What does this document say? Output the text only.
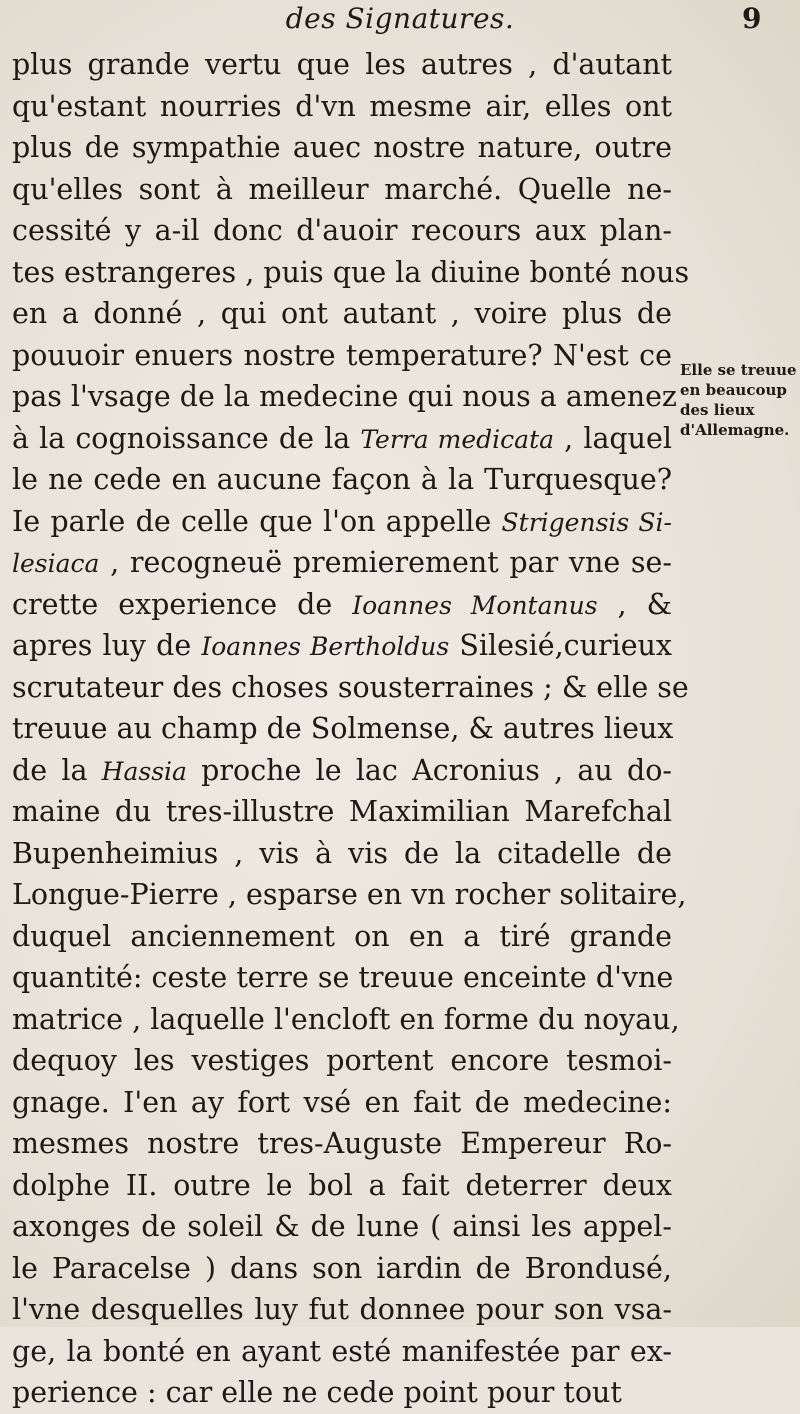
des Signatures.	9
plus grande vertu que les autres , d'autant
qu'estant nourries d'vn mesme air, elles ont
plus de sympathie auec nostre nature, outre
qu'elles sont à meilleur marché. Quelle ne-
cessité y a-il donc d'auoir recours aux plan-
tes estrangeres , puis que la diuine bonté nous
en a donné , qui ont autant , voire plus de
pouuoir enuers nostre temperature? N'est ce
pas l'vsage de la medecine qui nous a amenez
à la cognoissance de la Terra medicata , laquel
le ne cede en aucune façon à la Turquesque?
Ie parle de celle que l'on appelle Strigensis Si-
lesiaca , recogneuë premierement par vne se-
crette experience de Ioannes Montanus , &
apres luy de Ioannes Bertholdus Silesié,curieux
scrutateur des choses sousterraines ; & elle se
treuue au champ de Solmense, & autres lieux
de la Hassia proche le lac Acronius , au do-
maine du tres-illustre Maximilian Marefchal
Bupenheimius , vis à vis de la citadelle de
Longue-Pierre , esparse en vn rocher solitaire,
duquel anciennement on en a tiré grande
quantité: ceste terre se treuue enceinte d'vne
matrice , laquelle l'encloft en forme du noyau,
dequoy les vestiges portent encore tesmoi-
gnage. I'en ay fort vsé en fait de medecine:
mesmes nostre tres-Auguste Empereur Ro-
dolphe II. outre le bol a fait deterrer deux
axonges de soleil & de lune ( ainsi les appel-
le Paracelse ) dans son iardin de Brondusé,
l'vne desquelles luy fut donnee pour son vsa-
ge, la bonté en ayant esté manifestée par ex-
perience : car elle ne cede point pour tout
Elle se treuue
en beaucoup
des lieux
d'Allemagne.
